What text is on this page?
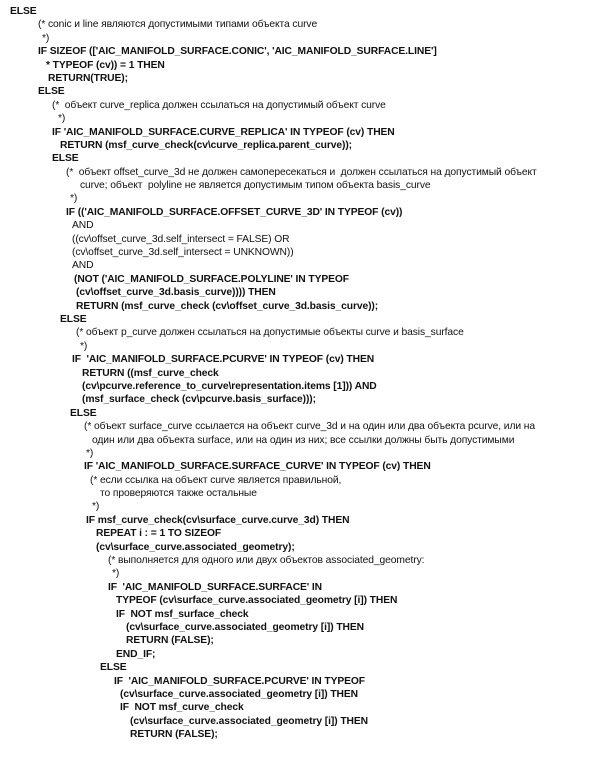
ELSE
(* conic и line являются допустимыми типами объекта curve
*)
IF SIZEOF (['AIC_MANIFOLD_SURFACE.CONIC', 'AIC_MANIFOLD_SURFACE.LINE']
* TYPEOF (cv)) = 1 THEN
RETURN(TRUE);
ELSE
(*  объект curve_replica должен ссылаться на допустимый объект curve
*)
IF 'AIC_MANIFOLD_SURFACE.CURVE_REPLICA' IN TYPEOF (cv) THEN
RETURN (msf_curve_check(cv\curve_replica.parent_curve));
ELSE
(*  объект offset_curve_3d не должен самопересекаться и  должен ссылаться на допустимый объект
curve; объект  polyline не является допустимым типом объекта basis_curve
*)
IF (('AIC_MANIFOLD_SURFACE.OFFSET_CURVE_3D' IN TYPEOF (cv))
AND
((cv\offset_curve_3d.self_intersect = FALSE) OR
(cv\offset_curve_3d.self_intersect = UNKNOWN))
AND
(NOT ('AIC_MANIFOLD_SURFACE.POLYLINE' IN TYPEOF
(cv\offset_curve_3d.basis_curve)))) THEN
RETURN (msf_curve_check (cv\offset_curve_3d.basis_curve));
ELSE
(* объект p_curve должен ссылаться на допустимые объекты curve и basis_surface
*)
IF  'AIC_MANIFOLD_SURFACE.PCURVE' IN TYPEOF (cv) THEN
RETURN ((msf_curve_check
(cv\pcurve.reference_to_curve\representation.items [1])) AND
(msf_surface_check (cv\pcurve.basis_surface)));
ELSE
(* объект surface_curve ссылается на объект curve_3d и на один или два объекта pcurve, или на
один или два объекта surface, или на один из них; все ссылки должны быть допустимыми
*)
IF 'AIC_MANIFOLD_SURFACE.SURFACE_CURVE' IN TYPEOF (cv) THEN
(* если ссылка на объект curve является правильной,
то проверяются также остальные
*)
IF msf_curve_check(cv\surface_curve.curve_3d) THEN
REPEAT i : = 1 TO SIZEOF
(cv\surface_curve.associated_geometry);
(* выполняется для одного или двух объектов associated_geometry:
*)
IF  'AIC_MANIFOLD_SURFACE.SURFACE' IN
TYPEOF (cv\surface_curve.associated_geometry [i]) THEN
IF  NOT msf_surface_check
(cv\surface_curve.associated_geometry [i]) THEN
RETURN (FALSE);
END_IF;
ELSE
IF  'AIC_MANIFOLD_SURFACE.PCURVE' IN TYPEOF
(cv\surface_curve.associated_geometry [i]) THEN
IF  NOT msf_curve_check
(cv\surface_curve.associated_geometry [i]) THEN
RETURN (FALSE);
